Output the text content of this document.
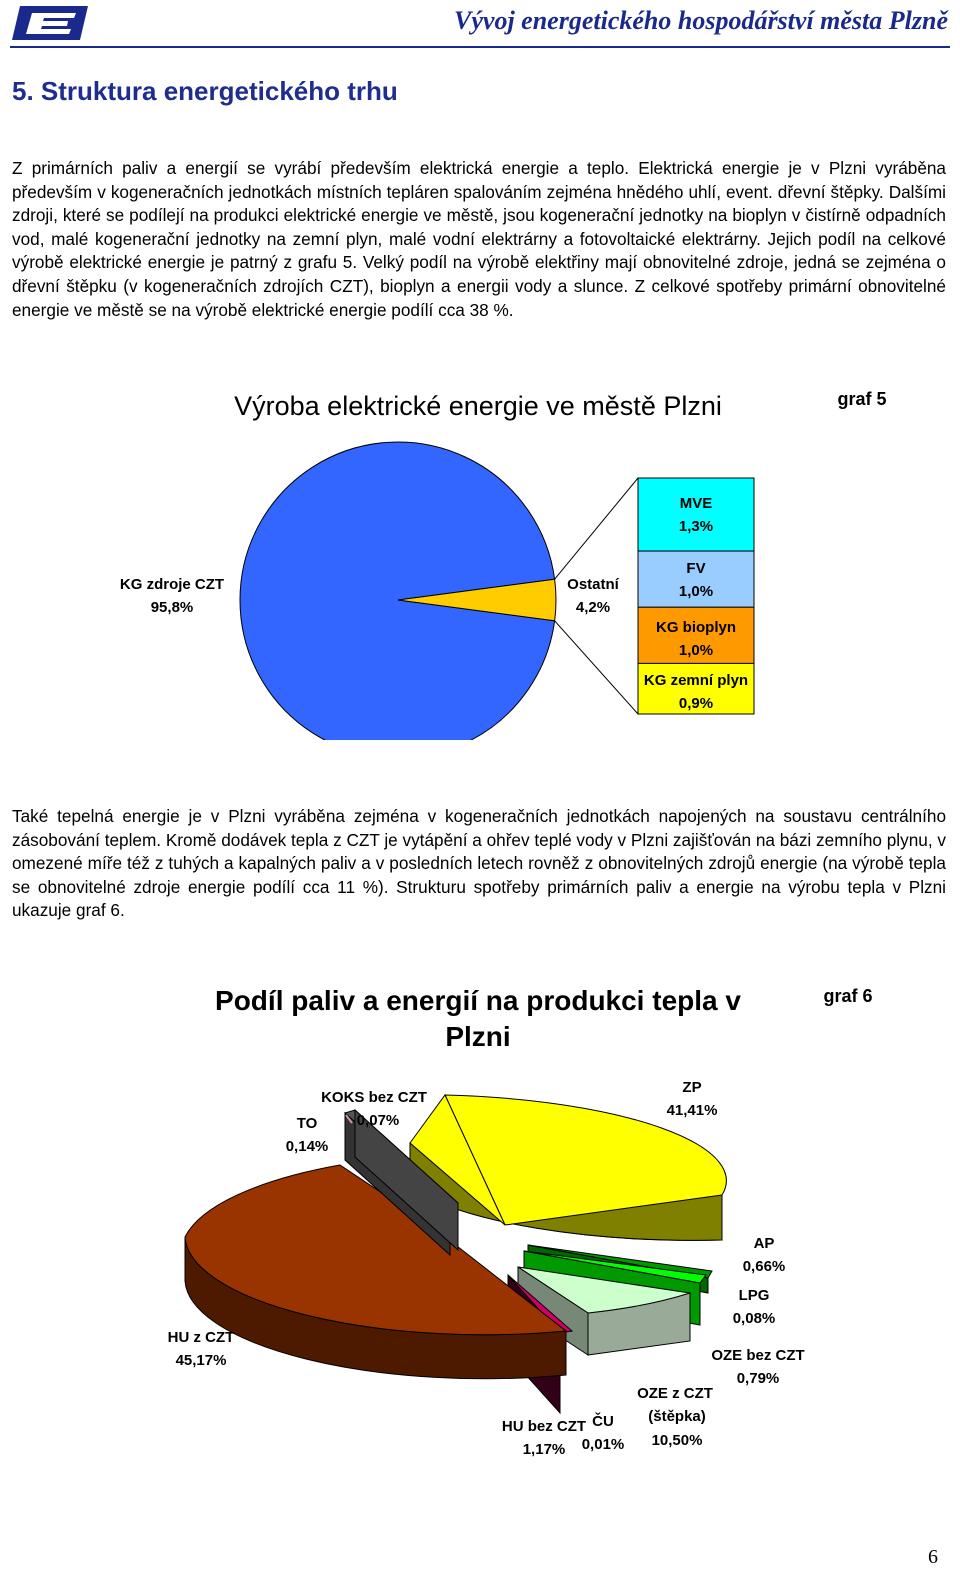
Vývoj energetického hospodářství města Plzně
5. Struktura energetického trhu
Z primárních paliv a energií se vyrábí především elektrická energie a teplo. Elektrická energie je v Plzni vyráběna především v kogeneračních jednotkách místních tepláren spalováním zejména hnědého uhlí, event. dřevní štěpky. Dalšími zdroji, které se podílejí na produkci elektrické energie ve městě, jsou kogenerační jednotky na bioplyn v čistírně odpadních vod, malé kogenerační jednotky na zemní plyn, malé vodní elektrárny a fotovoltaické elektrárny. Jejich podíl na celkové výrobě elektrické energie je patrný z grafu 5. Velký podíl na výrobě elektřiny mají obnovitelné zdroje, jedná se zejména o dřevní štěpku (v kogeneračních zdrojích CZT), bioplyn a energii vody a slunce. Z celkové spotřeby primární obnovitelné energie ve městě se na výrobě elektrické energie podílí cca 38 %.
Výroba elektrické energie ve městě Plzni	graf 5
KG zdroje CZT
95,8%
Ostatní
4,2%
MVE
1,3%
FV
1,0%
KG bioplyn
1,0%
KG zemní plyn
0,9%
Také tepelná energie je v Plzni vyráběna zejména v kogeneračních jednotkách napojených na soustavu centrálního zásobování teplem. Kromě dodávek tepla z CZT je vytápění a ohřev teplé vody v Plzni zajišťován na bázi zemního plynu, v omezené míře též z tuhých a kapalných paliv a v posledních letech rovněž z obnovitelných zdrojů energie (na výrobě tepla se obnovitelné zdroje energie podílí cca 11 %). Strukturu spotřeby primárních paliv a energie na výrobu tepla v Plzni ukazuje graf 6.
Podíl paliv a energií na produkci tepla v
Plzni
graf 6
KOKS bez CZT
0,07%
TO
0,14%
ZP
41,41%
AP
0,66%
LPG
0,08%
OZE bez CZT
0,79%
OZE z CZT
(štěpka)
10,50%
ČU
0,01%
HU bez CZT
1,17%
HU z CZT
45,17%
6
